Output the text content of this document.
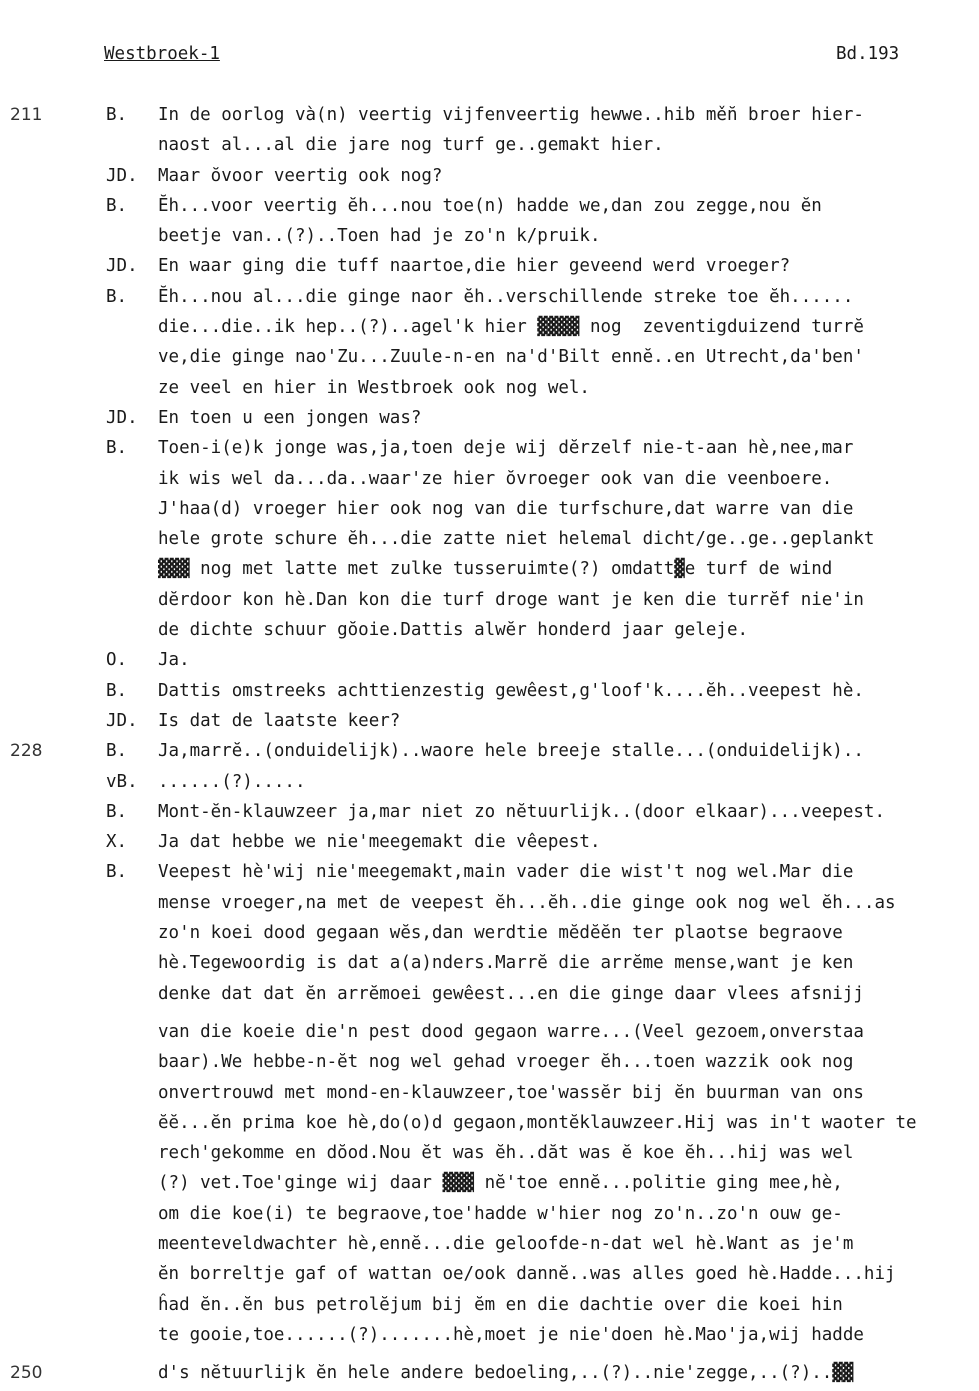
Westbroek-1	Bd.193
211	B. In de oorlog và(n) veertig vijfenveertig hewwe..hib mě̆n broer hier-
naost al...al die jare nog turf ge..gemakt hier.
JD. Maar ŏvoor veertig ook nog?
B. Ĕh...voor veertig ĕh...nou toe(n) hadde we,dan zou zegge,nou ĕn
beetje van..(?)..Toen had je zo'n k/pruik.
JD. En waar ging die tuff naartoe,die hier geveend werd vroeger?
B. Ĕh...nou al...die ginge naor ĕh..verschillende streke toe ĕh......
die...die..ik hep..(?)..agel'k hier ▓▓▓▓ nog  zeventigduizend turrĕ
ve,die ginge nao'Zu...Zuule-n-en na'd'Bilt ennĕ..en Utrecht,da'ben'
ze veel en hier in Westbroek ook nog wel.
JD. En toen u een jongen was?
B. Toen-i(e)k jonge was,ja,toen deje wij dĕrzelf nie-t-aan hè,nee,mar
ik wis wel da...da..waar'ze hier ŏvroeger ook van die veenboere.
J'haa(d) vroeger hier ook nog van die turfschure,dat warre van die
hele grote schure ĕh...die zatte niet helemal dicht/ge..ge..geplankt
▓▓▓ nog met latte met zulke tusseruimte(?) omdatt▓e turf de wind
dĕrdoor kon hè.Dan kon die turf droge want je ken die turrĕf nie'in
de dichte schuur gŏoie.Dattis alwĕr honderd jaar geleje.
O. Ja.
B. Dattis omstreeks achttienzestig gewêest,g'loof'k....ĕh..veepest hè.
JD. Is dat de laatste keer?
228	B. Ja,marrĕ..(onduidelijk)..waore hele breeje stalle...(onduidelijk)..
vB. ......(?).....
B. Mont-ĕn-klauwzeer ja,mar niet zo nĕtuurlijk..(door elkaar)...veepest.
X. Ja dat hebbe we nie'meegemakt die vêepest.
B. Veepest hè'wij nie'meegemakt,main vader die wist't nog wel.Mar die
mense vroeger,na met de veepest ĕh...ĕh..die ginge ook nog wel ĕh...as
zo'n koei dood gegaan wĕs,dan werdtie mĕdĕĕn ter plaotse begraove
hè.Tegewoordig is dat a(a)nders.Marrĕ die arrĕme mense,want je ken
denke dat dat ĕn arrĕmoei gewêest...en die ginge daar vlees afsnijj
van die koeie die'n pest dood gegaon warre...(Veel gezoem,onverstaa
baar).We hebbe-n-ĕt nog wel gehad vroeger ĕh...toen wazzik ook nog
onvertrouwd met mond-en-klauwzeer,toe'wassĕr bij ĕn buurman van ons
ĕĕ...ĕn prima koe hè,do(o)d gegaon,montĕklauwzeer.Hij was in't waoter te
rech'gekomme en dŏod.Nou ĕt was ĕh..dăt was ĕ koe ĕh...hij was wel
(?) vet.Toe'ginge wij daar ▓▓▓ nĕ'toe ennĕ...politie ging mee,hè,
om die koe(i) te begraove,toe'hadde w'hier nog zo'n..zo'n ouw ge-
meenteveldwachter hè,ennĕ...die geloofde-n-dat wel hè.Want as je'm
ĕn borreltje gaf of wattan oe/ook dannĕ..was alles goed hè.Hadde...hij
ĥad ĕn..ĕn bus petrolĕjum bij ĕm en die dachtie over die koei hin
te gooie,toe......(?).......hè,moet je nie'doen hè.Mao'ja,wij hadde
250	d's nĕtuurlijk ĕn hele andere bedoeling,..(?)..nie'zegge,..(?)..▓▓
